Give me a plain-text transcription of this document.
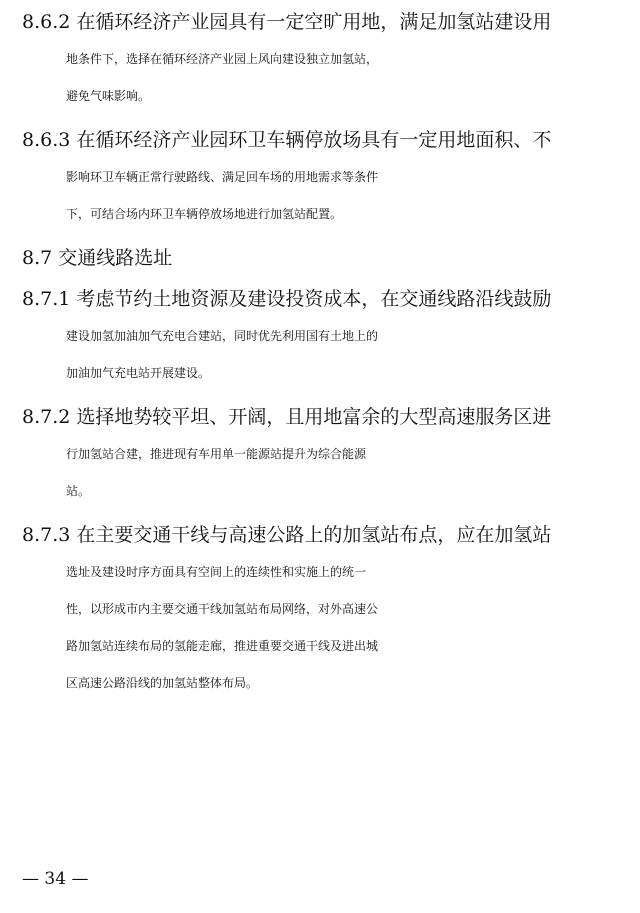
8.6.2 在循环经济产业园具有一定空旷用地，满足加氢站建设用
地条件下，选择在循环经济产业园上风向建设独立加氢站，
避免气味影响。
8.6.3 在循环经济产业园环卫车辆停放场具有一定用地面积、不
影响环卫车辆正常行驶路线、满足回车场的用地需求等条件
下，可结合场内环卫车辆停放场地进行加氢站配置。
8.7 交通线路选址
8.7.1 考虑节约土地资源及建设投资成本，在交通线路沿线鼓励
建设加氢加油加气充电合建站，同时优先利用国有土地上的
加油加气充电站开展建设。
8.7.2 选择地势较平坦、开阔，且用地富余的大型高速服务区进
行加氢站合建，推进现有车用单一能源站提升为综合能源
站。
8.7.3 在主要交通干线与高速公路上的加氢站布点，应在加氢站
选址及建设时序方面具有空间上的连续性和实施上的统一
性，以形成市内主要交通干线加氢站布局网络，对外高速公
路加氢站连续布局的氢能走廊，推进重要交通干线及进出城
区高速公路沿线的加氢站整体布局。
— 34 —
